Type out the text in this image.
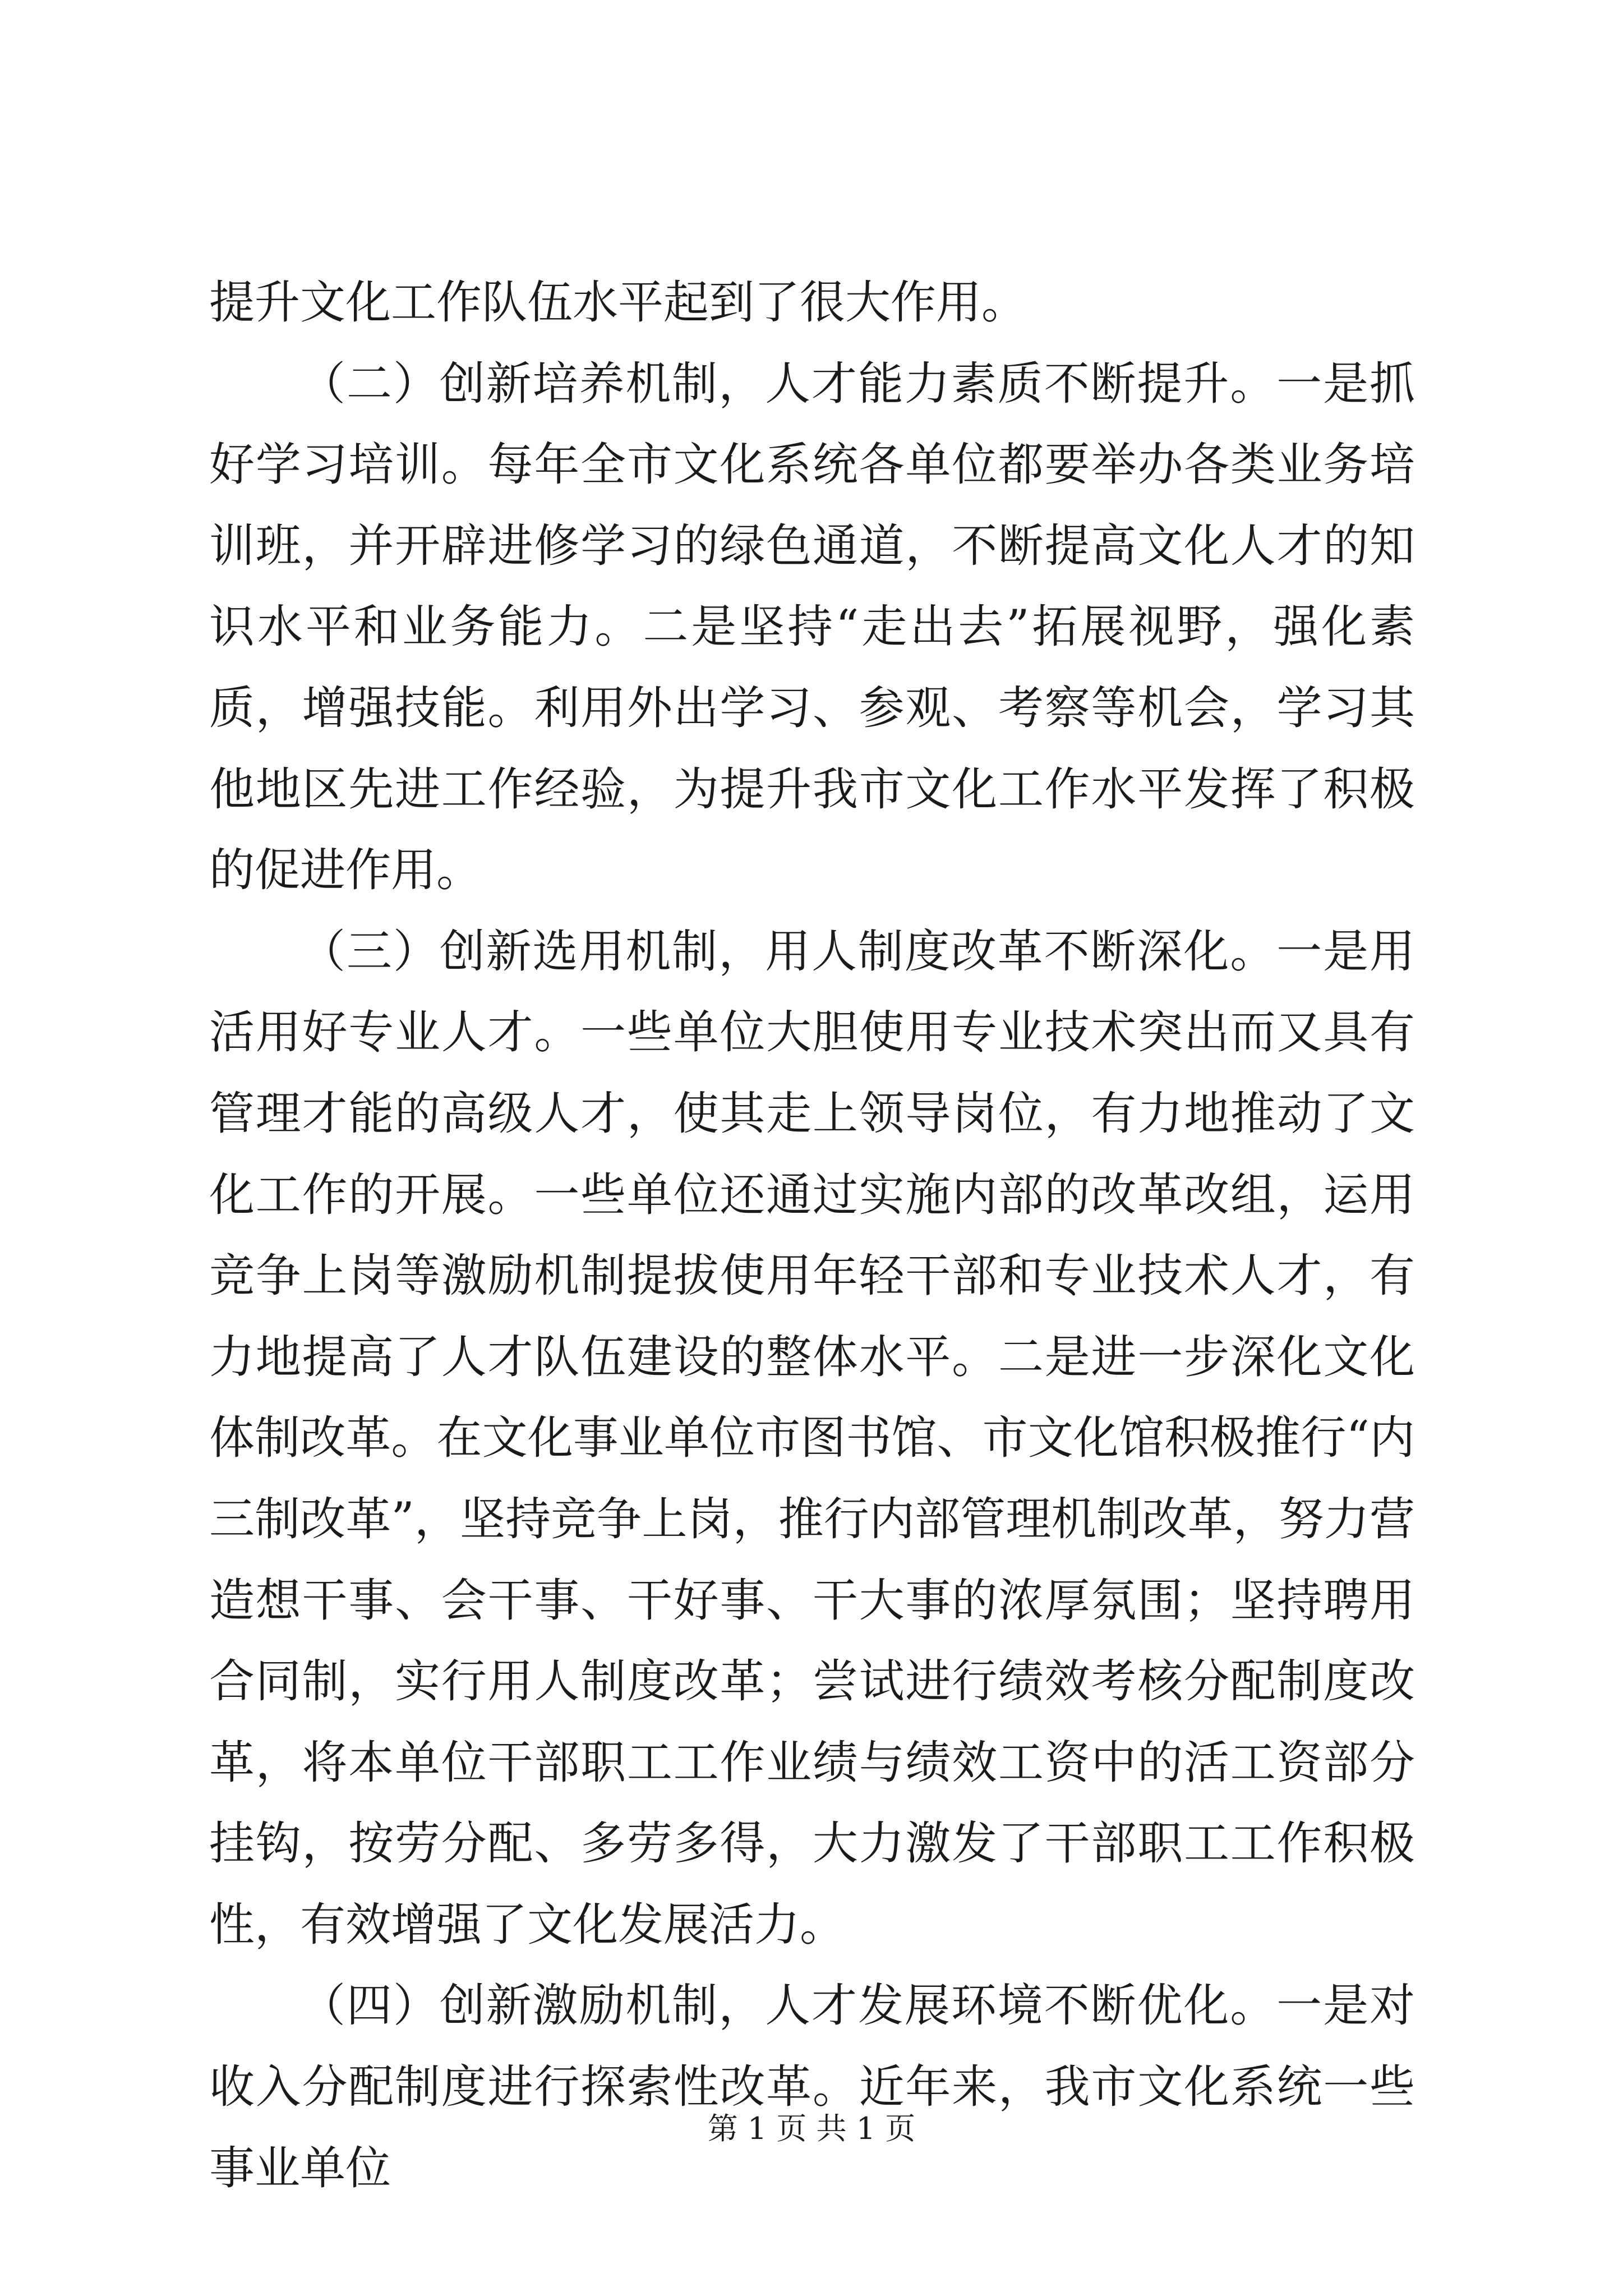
提升文化工作队伍水平起到了很大作用。

（二）创新培养机制，人才能力素质不断提升。一是抓好学习培训。每年全市文化系统各单位都要举办各类业务培训班，并开辟进修学习的绿色通道，不断提高文化人才的知识水平和业务能力。二是坚持“走出去”拓展视野，强化素质，增强技能。利用外出学习、参观、考察等机会，学习其他地区先进工作经验，为提升我市文化工作水平发挥了积极的促进作用。

（三）创新选用机制，用人制度改革不断深化。一是用活用好专业人才。一些单位大胆使用专业技术突出而又具有管理才能的高级人才，使其走上领导岗位，有力地推动了文化工作的开展。一些单位还通过实施内部的改革改组，运用竞争上岗等激励机制提拔使用年轻干部和专业技术人才，有力地提高了人才队伍建设的整体水平。二是进一步深化文化体制改革。在文化事业单位市图书馆、市文化馆积极推行“内三制改革”，坚持竞争上岗，推行内部管理机制改革，努力营造想干事、会干事、干好事、干大事的浓厚氛围；坚持聘用合同制，实行用人制度改革；尝试进行绩效考核分配制度改革，将本单位干部职工工作业绩与绩效工资中的活工资部分挂钩，按劳分配、多劳多得，大力激发了干部职工工作积极性，有效增强了文化发展活力。

（四）创新激励机制，人才发展环境不断优化。一是对收入分配制度进行探索性改革。近年来，我市文化系统一些事业单位

第 1 页 共 1 页
